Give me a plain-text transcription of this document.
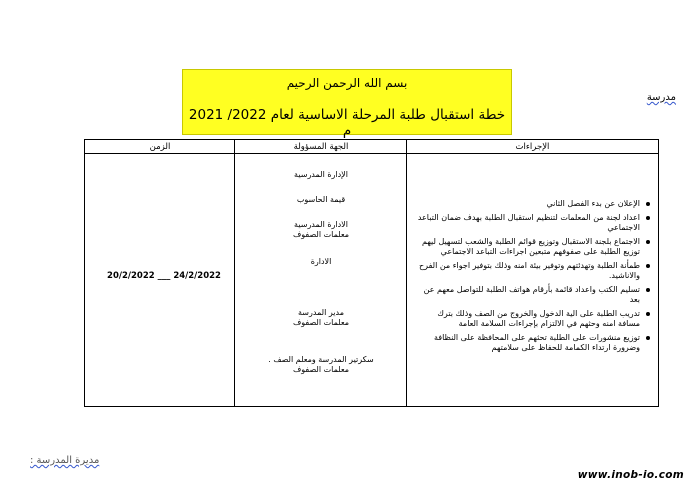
بسم الله الرحمن الرحيم
خطة استقبال طلبة المرحلة الاساسية لعام 2022/ 2021 م
مدرسة
الإجراءات
الجهة المسؤولة
الزمن
الإعلان عن بدء الفصل الثاني
اعداد لجنة من المعلمات لتنظيم استقبال الطلبة بهدف ضمان التباعد الاجتماعي
الاجتماع بلجنة الاستقبال وتوزيع قوائم الطلبة والشعب لتسهيل ليهم توزيع الطلبة على صفوفهم متبعين اجراءات التباعد الاجتماعي
طمأنة الطلبة وتهدئتهم وتوفير بيئة امنه وذلك بتوفير اجواء من الفرح والاناشيد.
تسليم الكتب واعداد قائمة بأرقام هواتف الطلبة للتواصل معهم عن بعد
تدريب الطلبة على الية الدخول والخروج من الصف وذلك بترك مسافة امنه وحثهم في الالتزام بإجراءات السلامة العامة
توزيع منشورات على الطلبة تحثهم على المحافظة على النظافة وضرورة ارتداء الكمامة للحفاظ على سلامتهم
الإدارة المدرسية
قيمة الحاسوب
الادارة المدرسية
معلمات الصفوف
الادارة
مدير المدرسة
معلمات الصفوف
سكرتير المدرسة ومعلم الصف .
معلمات الصفوف
20/2/2022 ___ 24/2/2022
مديرة المدرسة :
www.inob-io.com
